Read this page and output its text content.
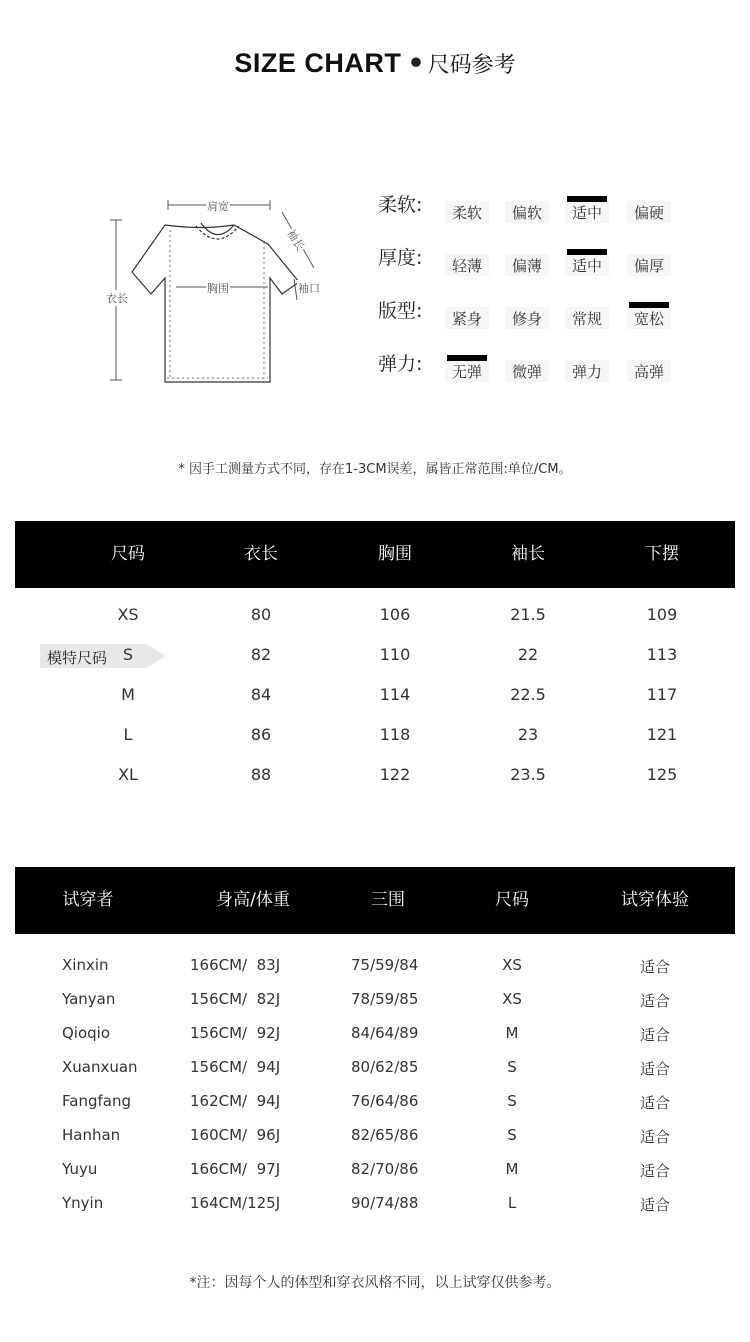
SIZE CHART • 尺码参考
肩宽
袖长
袖口
胸围
衣长
柔软:	柔软	偏软	适中	偏硬
厚度:	轻薄	偏薄	适中	偏厚
版型:	紧身	修身	常规	宽松
弹力:	无弹	微弹	弹力	高弹
* 因手工测量方式不同，存在1-3CM误差，属皆正常范围:单位/CM。
尺码	衣长	胸围	袖长	下摆
模特尺码
XS	80	106	21.5	109
S	82	110	22	113
M	84	114	22.5	117
L	86	118	23	121
XL	88	122	23.5	125
试穿者	身高/体重	三围	尺码	试穿体验
Xinxin	166CM/  83J	75/59/84	XS	适合
Yanyan	156CM/  82J	78/59/85	XS	适合
Qioqio	156CM/  92J	84/64/89	M	适合
Xuanxuan	156CM/  94J	80/62/85	S	适合
Fangfang	162CM/  94J	76/64/86	S	适合
Hanhan	160CM/  96J	82/65/86	S	适合
Yuyu	166CM/  97J	82/70/86	M	适合
Ynyin	164CM/125J	90/74/88	L	适合
*注：因每个人的体型和穿衣风格不同，以上试穿仅供参考。
